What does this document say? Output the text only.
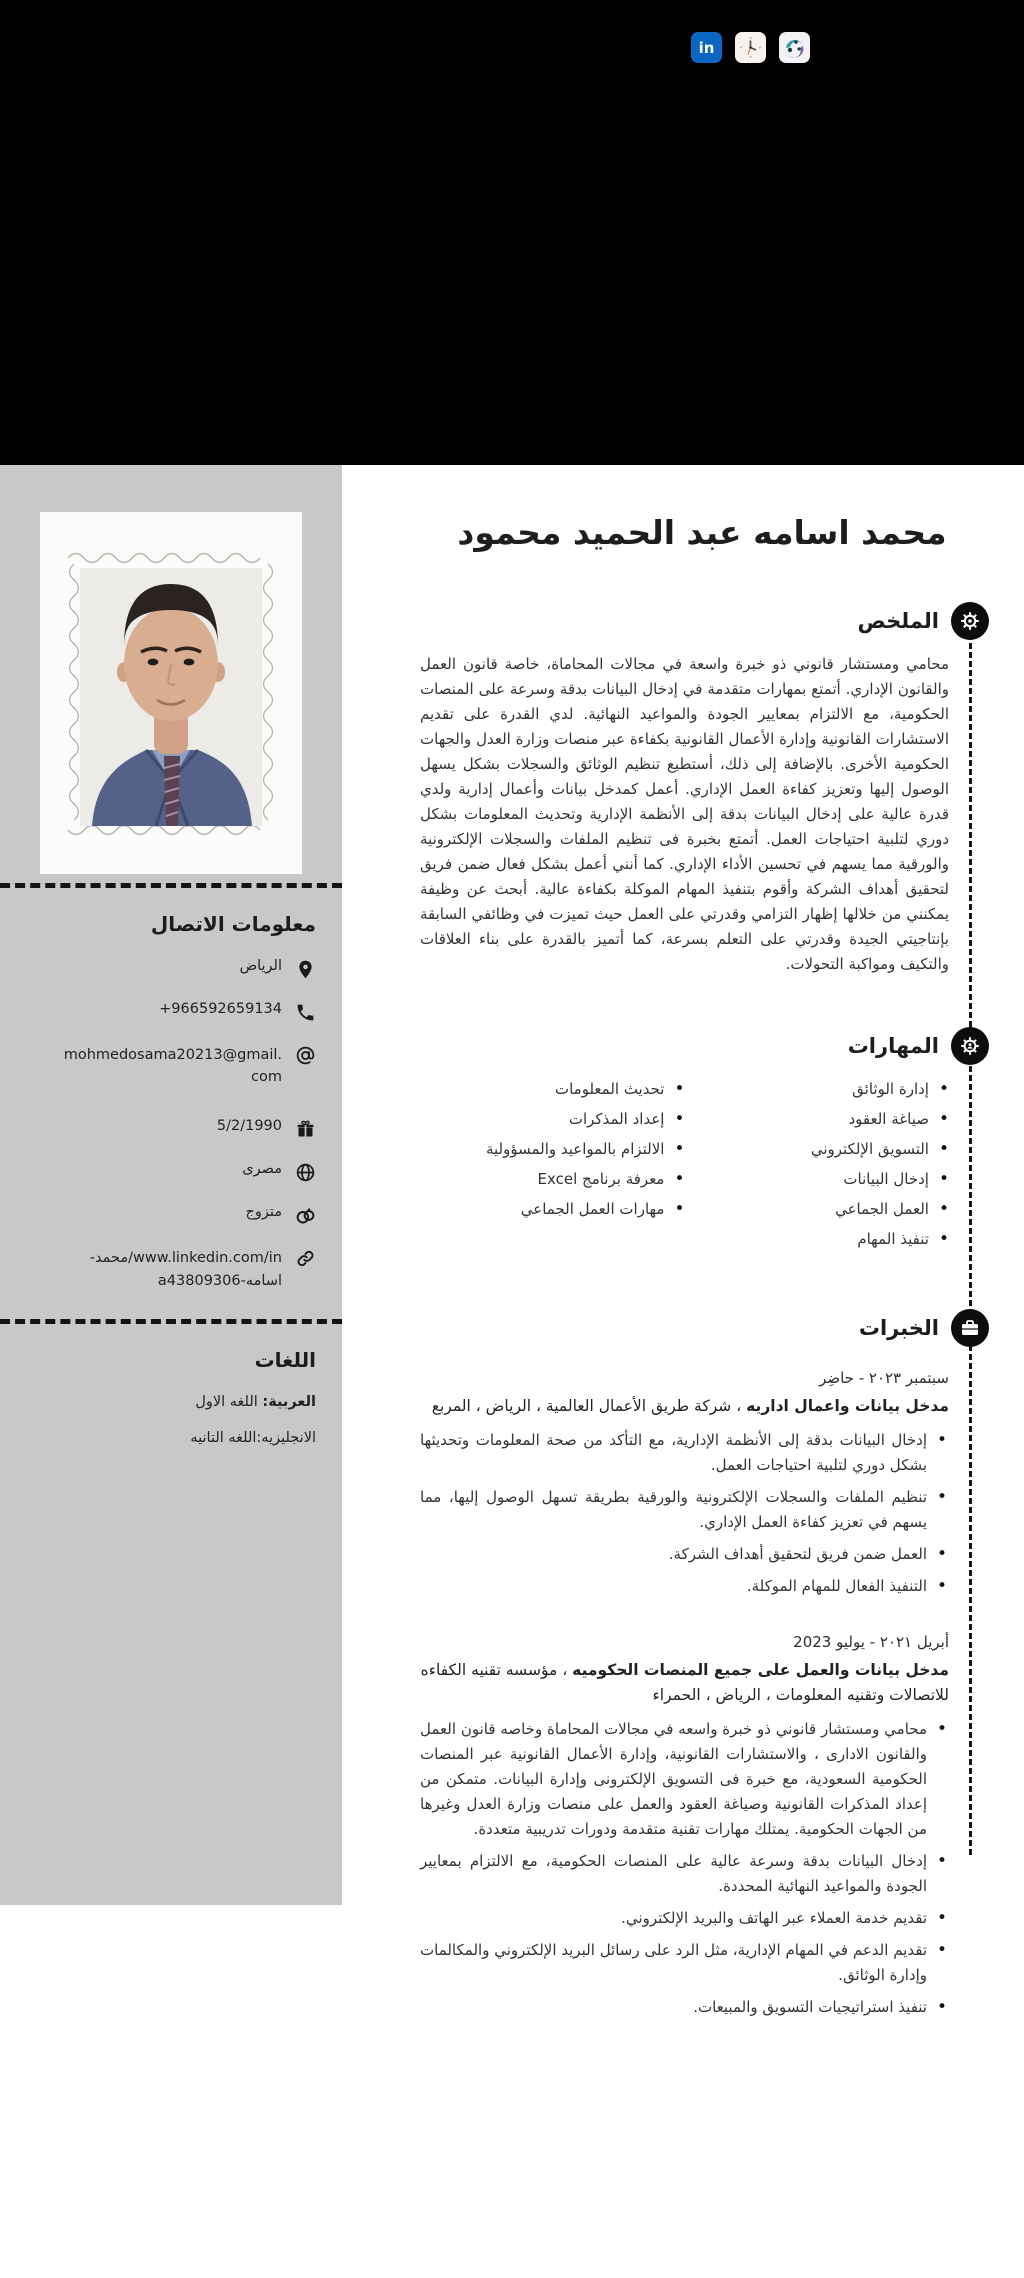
in
محمد اسامه عبد الحميد محمود
الملخص
محامي ومستشار قانوني ذو خبرة واسعة في مجالات المحاماة، خاصة قانون العمل والقانون الإداري. أتمتع بمهارات متقدمة في إدخال البيانات بدقة وسرعة على المنصات الحكومية، مع الالتزام بمعايير الجودة والمواعيد النهائية. لدي القدرة على تقديم الاستشارات القانونية وإدارة الأعمال القانونية بكفاءة عبر منصات وزارة العدل والجهات الحكومية الأخرى. بالإضافة إلى ذلك، أستطيع تنظيم الوثائق والسجلات بشكل يسهل الوصول إليها وتعزيز كفاءة العمل الإداري. أعمل كمدخل بيانات وأعمال إدارية ولدي قدرة عالية على إدخال البيانات بدقة إلى الأنظمة الإدارية وتحديث المعلومات بشكل دوري لتلبية احتياجات العمل. أتمتع بخبرة فى تنظيم الملفات والسجلات الإلكترونية والورقية مما يسهم في تحسين الأداء الإداري. كما أنني أعمل بشكل فعال ضمن فريق لتحقيق أهداف الشركة وأقوم بتنفيذ المهام الموكلة بكفاءة عالية. أبحث عن وظيفة يمكنني من خلالها إظهار التزامي وقدرتي على العمل حيث تميزت في وظائفي السابقة بإنتاجيتي الجيدة وقدرتي على التعلم بسرعة، كما أتميز بالقدرة على بناء العلاقات والتكيف ومواكبة التحولات.
المهارات
• إدارة الوثائق
• صياغة العقود
• التسويق الإلكتروني
• إدخال البيانات
• العمل الجماعي
• تنفيذ المهام
• تحديث المعلومات
• إعداد المذكرات
• الالتزام بالمواعيد والمسؤولية
• معرفة برنامج Excel
• مهارات العمل الجماعي
الخبرات
سبتمبر ٢٠٢٣ - حاضِر
مدخل بيانات واعمال اداريه ، شركة طريق الأعمال العالمية ، الرياض ، المربع
• إدخال البيانات بدقة إلى الأنظمة الإدارية، مع التأكد من صحة المعلومات وتحديثها بشكل دوري لتلبية احتياجات العمل.
• تنظيم الملفات والسجلات الإلكترونية والورقية بطريقة تسهل الوصول إليها، مما يسهم في تعزيز كفاءة العمل الإداري.
• العمل ضمن فريق لتحقيق أهداف الشركة.
• التنفيذ الفعال للمهام الموكلة.
أبريل ٢٠٢١ - يوليو 2023
مدخل بيانات والعمل على جميع المنصات الحكوميه ، مؤسسه تقنيه الكفاءه للاتصالات وتقنيه المعلومات ، الرياض ، الحمراء
• محامي ومستشار قانوني ذو خبرة واسعه في مجالات المحاماة وخاصه قانون العمل والقانون الادارى ، والاستشارات القانونية، وإدارة الأعمال القانونية عبر المنصات الحكومية السعودية، مع خبرة فى التسويق الإلكترونى وإدارة البيانات. متمكن من إعداد المذكرات القانونية وصياغة العقود والعمل على منصات وزارة العدل وغيرها من الجهات الحكومية. يمتلك مهارات تقنية متقدمة ودورات تدريبية متعددة.
• إدخال البيانات بدقة وسرعة عالية على المنصات الحكومية، مع الالتزام بمعايير الجودة والمواعيد النهائية المحددة.
• تقديم خدمة العملاء عبر الهاتف والبريد الإلكتروني.
• تقديم الدعم في المهام الإدارية، مثل الرد على رسائل البريد الإلكتروني والمكالمات وإدارة الوثائق.
• تنفيذ استراتيجيات التسويق والمبيعات.
معلومات الاتصال
الرياض
+966592659134
mohmedosama20213@gmail.com
5/2/1990
مصرى
متزوج
www.linkedin.com/in/محمد-اسامه-a43809306
اللغات
العربية: اللغه الاول
الانجليزيه:اللغه التانيه
